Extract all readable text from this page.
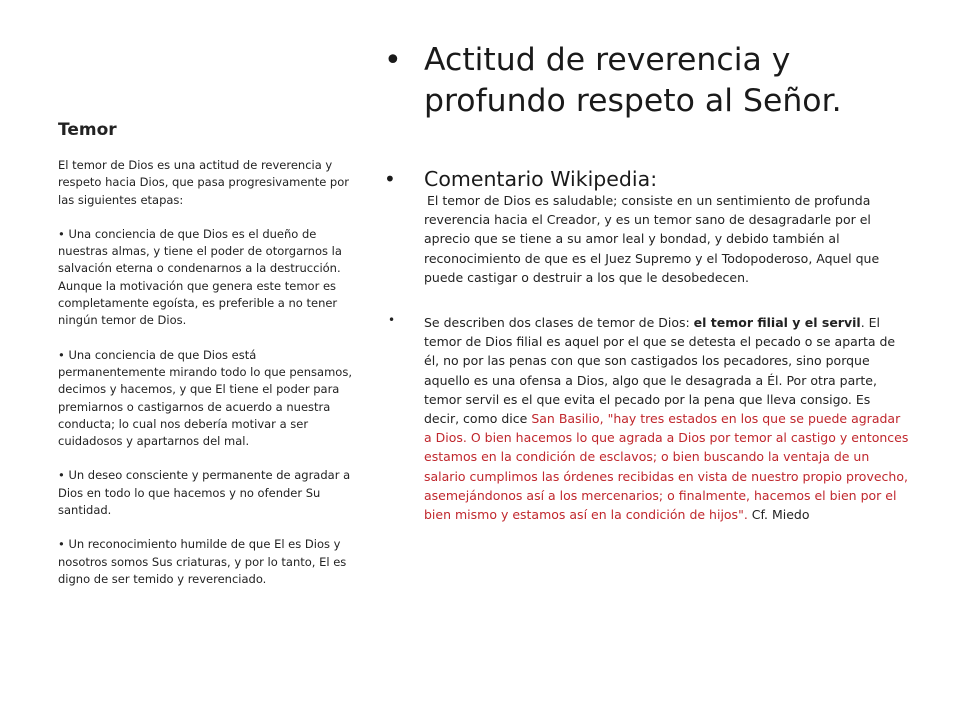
Temor

El temor de Dios es una actitud de reverencia y respeto hacia Dios, que pasa progresivamente por las siguientes etapas:

• Una conciencia de que Dios es el dueño de nuestras almas, y tiene el poder de otorgarnos la salvación eterna o condenarnos a la destrucción. Aunque la motivación que genera este temor es completamente egoísta, es preferible a no tener ningún temor de Dios.

• Una conciencia de que Dios está permanentemente mirando todo lo que pensamos, decimos y hacemos, y que El tiene el poder para premiarnos o castigarnos de acuerdo a nuestra conducta; lo cual nos debería motivar a ser cuidadosos y apartarnos del mal.

• Un deseo consciente y permanente de agradar a Dios en todo lo que hacemos y no ofender Su santidad.

• Un reconocimiento humilde de que El es Dios y nosotros somos Sus criaturas, y por lo tanto, El es digno de ser temido y reverenciado.

• Actitud de reverencia y profundo respeto al Señor.
• Comentario Wikipedia:
El temor de Dios es saludable; consiste en un sentimiento de profunda reverencia hacia el Creador, y es un temor sano de desagradarle por el aprecio que se tiene a su amor leal y bondad, y debido también al reconocimiento de que es el Juez Supremo y el Todopoderoso, Aquel que puede castigar o destruir a los que le desobedecen.
• Se describen dos clases de temor de Dios: el temor filial y el servil. El temor de Dios filial es aquel por el que se detesta el pecado o se aparta de él, no por las penas con que son castigados los pecadores, sino porque aquello es una ofensa a Dios, algo que le desagrada a Él. Por otra parte, temor servil es el que evita el pecado por la pena que lleva consigo. Es decir, como dice San Basilio, "hay tres estados en los que se puede agradar a Dios. O bien hacemos lo que agrada a Dios por temor al castigo y entonces estamos en la condición de esclavos; o bien buscando la ventaja de un salario cumplimos las órdenes recibidas en vista de nuestro propio provecho, asemejándonos así a los mercenarios; o finalmente, hacemos el bien por el bien mismo y estamos así en la condición de hijos". Cf. Miedo
